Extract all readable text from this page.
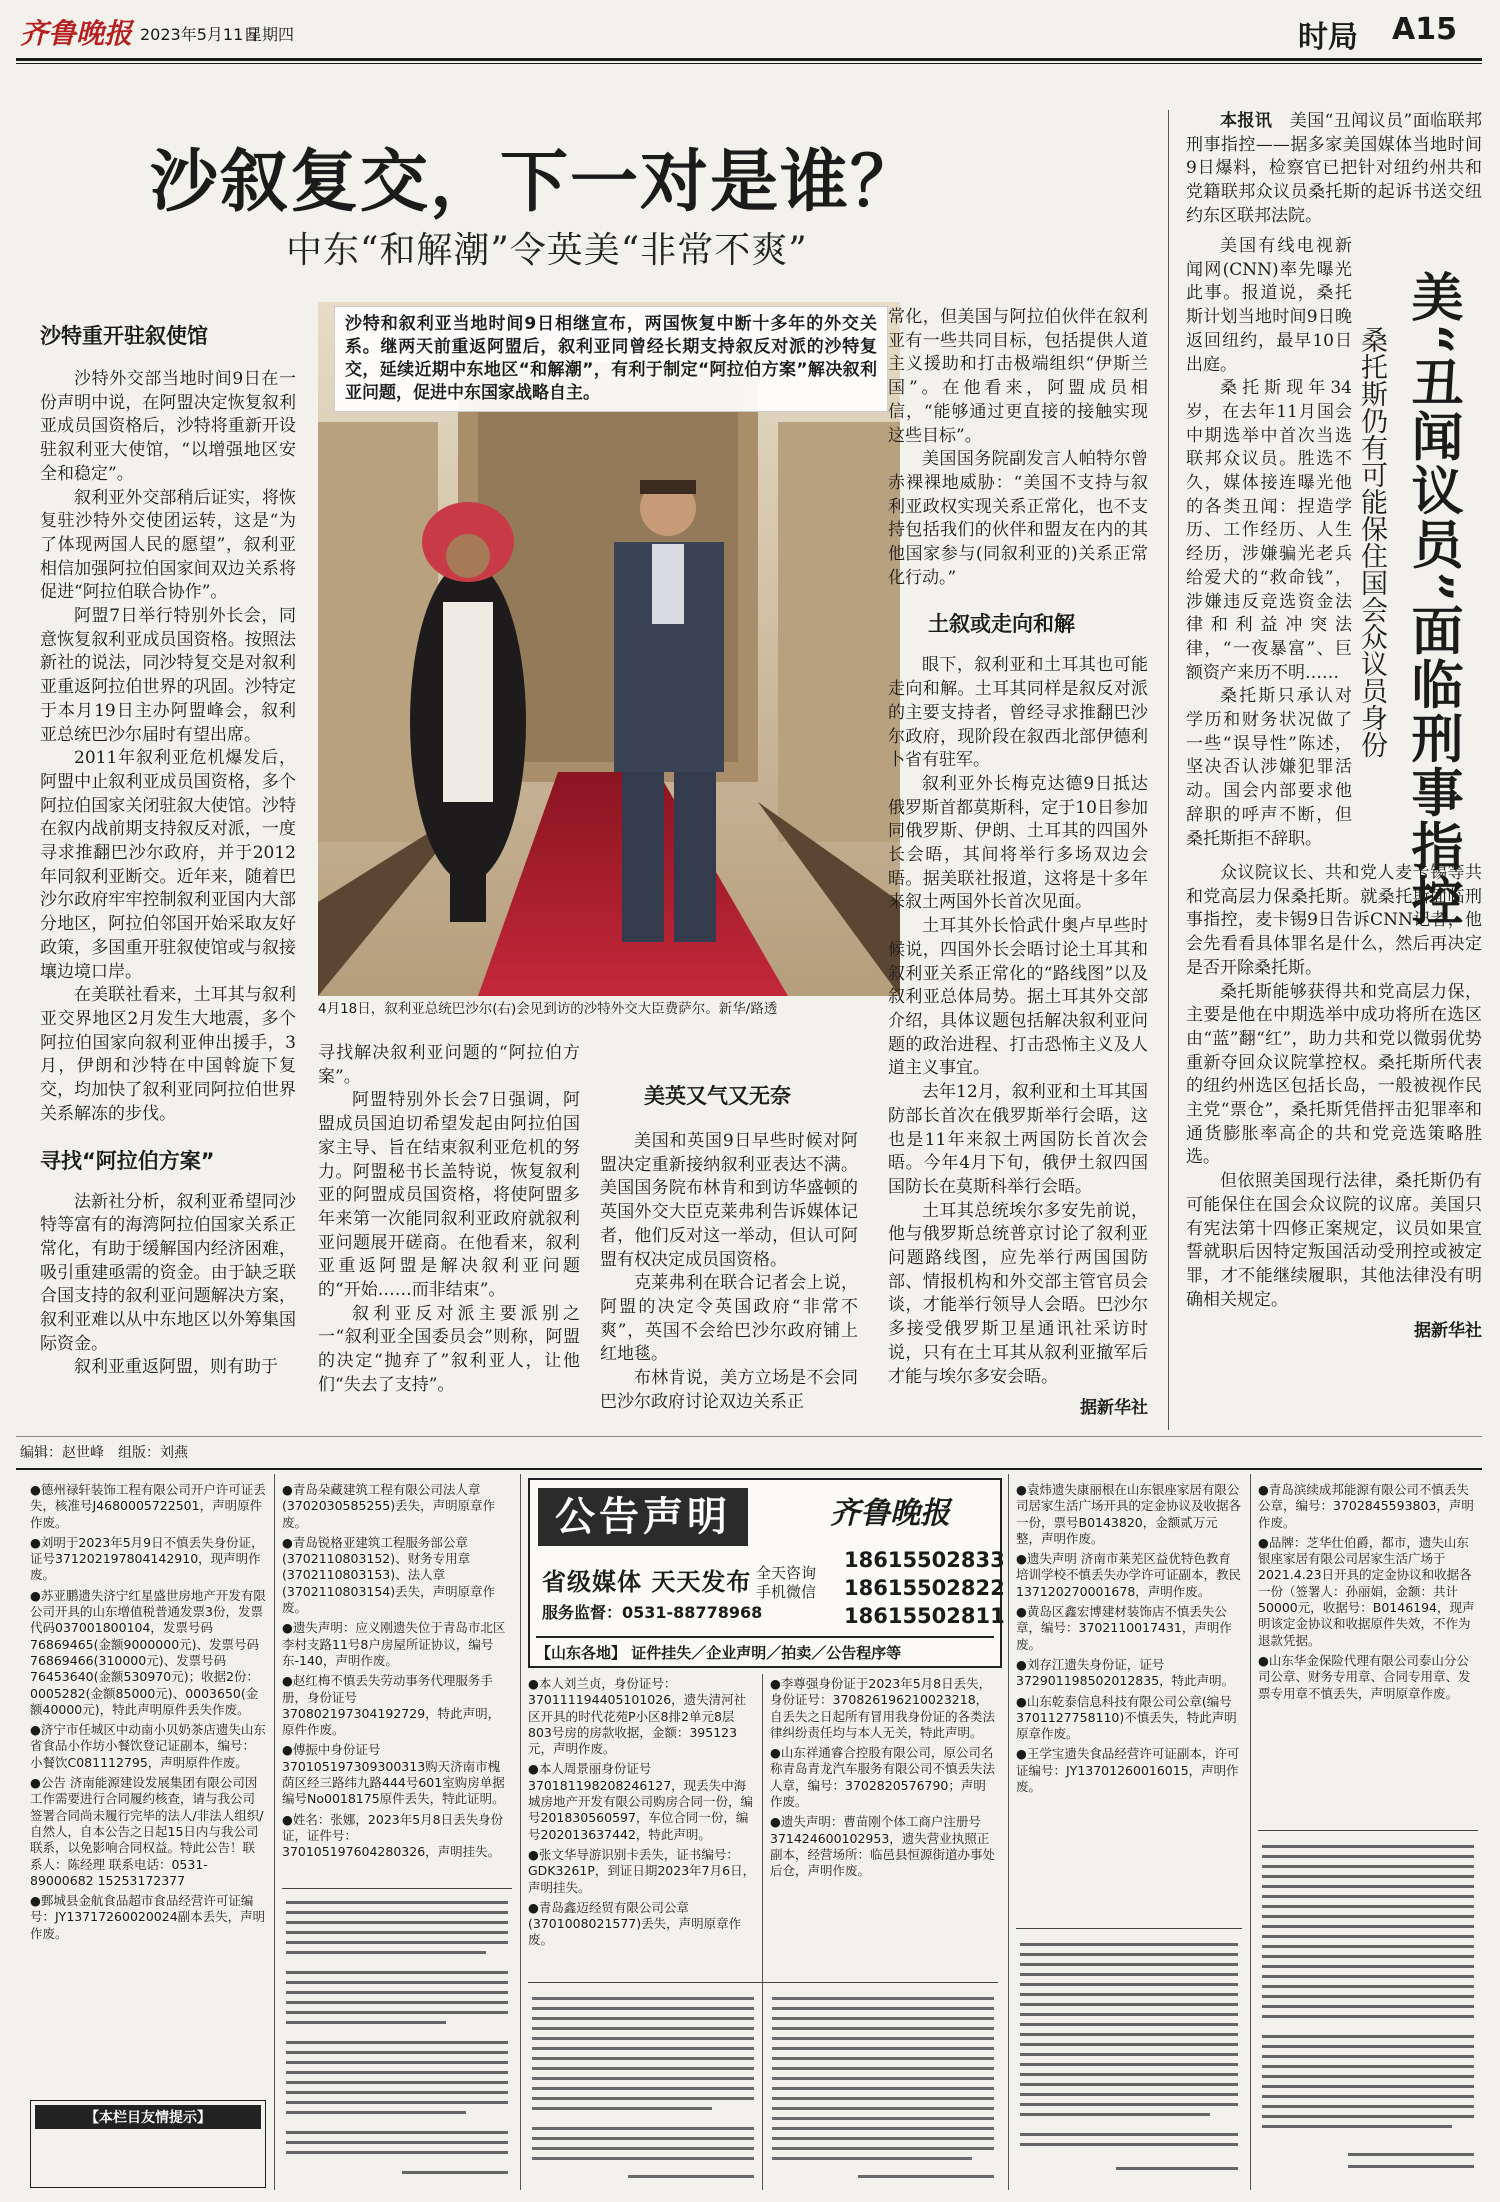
齐鲁晚报 2023年5月11日
星期四	时局 A15
沙叙复交，下一对是谁？
中东“和解潮”令英美“非常不爽”
沙特和叙利亚当地时间9日相继宣布，两国恢复中断十多年的外交关系。继两天前重返阿盟后，叙利亚同曾经长期支持叙反对派的沙特复交，延续近期中东地区“和解潮”，有利于制定“阿拉伯方案”解决叙利亚问题，促进中东国家战略自主。
4月18日，叙利亚总统巴沙尔(右)会见到访的沙特外交大臣费萨尔。新华/路透

沙特重开驻叙使馆

沙特外交部当地时间9日在一份声明中说，在阿盟决定恢复叙利亚成员国资格后，沙特将重新开设驻叙利亚大使馆，“以增强地区安全和稳定”。

叙利亚外交部稍后证实，将恢复驻沙特外交使团运转，这是“为了体现两国人民的愿望”，叙利亚相信加强阿拉伯国家间双边关系将促进“阿拉伯联合协作”。

阿盟7日举行特别外长会，同意恢复叙利亚成员国资格。按照法新社的说法，同沙特复交是对叙利亚重返阿拉伯世界的巩固。沙特定于本月19日主办阿盟峰会，叙利亚总统巴沙尔届时有望出席。

2011年叙利亚危机爆发后，阿盟中止叙利亚成员国资格，多个阿拉伯国家关闭驻叙大使馆。沙特在叙内战前期支持叙反对派，一度寻求推翻巴沙尔政府，并于2012年同叙利亚断交。近年来，随着巴沙尔政府牢牢控制叙利亚国内大部分地区，阿拉伯邻国开始采取友好政策，多国重开驻叙使馆或与叙接壤边境口岸。

在美联社看来，土耳其与叙利亚交界地区2月发生大地震，多个阿拉伯国家向叙利亚伸出援手，3月，伊朗和沙特在中国斡旋下复交，均加快了叙利亚同阿拉伯世界关系解冻的步伐。

寻找“阿拉伯方案”

法新社分析，叙利亚希望同沙特等富有的海湾阿拉伯国家关系正常化，有助于缓解国内经济困难，吸引重建亟需的资金。由于缺乏联合国支持的叙利亚问题解决方案，叙利亚难以从中东地区以外筹集国际资金。

叙利亚重返阿盟，则有助于

寻找解决叙利亚问题的“阿拉伯方案”。

阿盟特别外长会7日强调，阿盟成员国迫切希望发起由阿拉伯国家主导、旨在结束叙利亚危机的努力。阿盟秘书长盖特说，恢复叙利亚的阿盟成员国资格，将使阿盟多年来第一次能同叙利亚政府就叙利亚问题展开磋商。在他看来，叙利亚重返阿盟是解决叙利亚问题的“开始……而非结束”。

叙利亚反对派主要派别之一“叙利亚全国委员会”则称，阿盟的决定“抛弃了”叙利亚人，让他们“失去了支持”。

美英又气又无奈

美国和英国9日早些时候对阿盟决定重新接纳叙利亚表达不满。美国国务院布林肯和到访华盛顿的英国外交大臣克莱弗利告诉媒体记者，他们反对这一举动，但认可阿盟有权决定成员国资格。

克莱弗利在联合记者会上说，阿盟的决定令英国政府“非常不爽”，英国不会给巴沙尔政府铺上红地毯。

布林肯说，美方立场是不会同巴沙尔政府讨论双边关系正

常化，但美国与阿拉伯伙伴在叙利亚有一些共同目标，包括提供人道主义援助和打击极端组织“伊斯兰国”。在他看来，阿盟成员相信，“能够通过更直接的接触实现这些目标”。

美国国务院副发言人帕特尔曾赤裸裸地威胁：“美国不支持与叙利亚政权实现关系正常化，也不支持包括我们的伙伴和盟友在内的其他国家参与(同叙利亚的)关系正常化行动。”

土叙或走向和解

眼下，叙利亚和土耳其也可能走向和解。土耳其同样是叙反对派的主要支持者，曾经寻求推翻巴沙尔政府，现阶段在叙西北部伊德利卜省有驻军。

叙利亚外长梅克达德9日抵达俄罗斯首都莫斯科，定于10日参加同俄罗斯、伊朗、土耳其的四国外长会晤，其间将举行多场双边会晤。据美联社报道，这将是十多年来叙土两国外长首次见面。

土耳其外长恰武什奥卢早些时候说，四国外长会晤讨论土耳其和叙利亚关系正常化的“路线图”以及叙利亚总体局势。据土耳其外交部介绍，具体议题包括解决叙利亚问题的政治进程、打击恐怖主义及人道主义事宜。

去年12月，叙利亚和土耳其国防部长首次在俄罗斯举行会晤，这也是11年来叙土两国防长首次会晤。今年4月下旬，俄伊土叙四国国防长在莫斯科举行会晤。

土耳其总统埃尔多安先前说，他与俄罗斯总统普京讨论了叙利亚问题路线图，应先举行两国国防部、情报机构和外交部主管官员会谈，才能举行领导人会晤。巴沙尔多接受俄罗斯卫星通讯社采访时说，只有在土耳其从叙利亚撤军后才能与埃尔多安会晤。

据新华社

本报讯　 美国“丑闻议员”面临联邦刑事指控——据多家美国媒体当地时间9日爆料，检察官已把针对纽约州共和党籍联邦众议员桑托斯的起诉书送交纽约东区联邦法院。

美国有线电视新闻网(CNN)率先曝光此事。报道说，桑托斯计划当地时间9日晚返回纽约，最早10日出庭。

桑托斯现年34岁，在去年11月国会中期选举中首次当选联邦众议员。胜选不久，媒体接连曝光他的各类丑闻：捏造学历、工作经历、人生经历，涉嫌骗光老兵给爱犬的“救命钱”，涉嫌违反竞选资金法律和利益冲突法律，“一夜暴富”、巨额资产来历不明……

桑托斯只承认对学历和财务状况做了一些“误导性”陈述，坚决否认涉嫌犯罪活动。国会内部要求他辞职的呼声不断，但桑托斯拒不辞职。	美“丑闻议员”面临刑事指控
桑托斯仍有可能保住国会众议员身份

众议院议长、共和党人麦卡锡等共和党高层力保桑托斯。就桑托斯面临刑事指控，麦卡锡9日告诉CNN记者，他会先看看具体罪名是什么，然后再决定是否开除桑托斯。

桑托斯能够获得共和党高层力保，主要是他在中期选举中成功将所在选区由“蓝”翻“红”，助力共和党以微弱优势重新夺回众议院掌控权。桑托斯所代表的纽约州选区包括长岛，一般被视作民主党“票仓”，桑托斯凭借抨击犯罪率和通货膨胀率高企的共和党竞选策略胜选。

但依照美国现行法律，桑托斯仍有可能保住在国会众议院的议席。美国只有宪法第十四修正案规定，议员如果宣誓就职后因特定叛国活动受刑控或被定罪，才不能继续履职，其他法律没有明确相关规定。

据新华社
编辑：赵世峰　组版：刘燕

●德州禄轩装饰工程有限公司开户许可证丢失，核准号J4680005722501，声明原件作废。

●刘明于2023年5月9日不慎丢失身份证，证号3712021978041429​10，现声明作废。

●苏亚鹏遗失济宁红星盛世房地产开发有限公司开具的山东增值税普通发票3份，发票代码037001800104，发票号码76869465(金额9000000元)、发票号码76869466(310000元)、发票号码76453640(金额530970元)；收据2份：0005282(金额85000元)、0003650(金额40000元)，特此声明原件丢失作废。

●济宁市任城区中动南小贝奶茶店遗失山东省食品小作坊小餐饮登记证副本，编号：小餐饮C081112795，声明原件作废。

●公告 济南能源建设发展集团有限公司因工作需要进行合同履约核查，请与我公司签署合同尚未履行完毕的法人/非法人组织/自然人，自本公告之日起15日内与我公司联系，以免影响合同权益。特此公告！联系人：陈经理 联系电话：0531-89000682 15253172377

●鄄城县金航食品超市食品经营许可证编号：JY13717260020024副本丢失，声明作废。

【本栏目友情提示】

●青岛朵藏建筑工程有限公司法人章(3702030585255)丢失，声明原章作废。

●青岛锐格亚建筑工程服务部公章(3702110803152)、财务专用章(3702110803153)、法人章(3702110803154)丢失，声明原章作废。

●遗失声明：应义刚遗失位于青岛市北区李村支路11号8户房屋所证协议，编号东-140，声明作废。

●赵红梅不慎丢失劳动事务代理服务手册，身份证号370802197304192729，特此声明，原件作废。

●傅振中身份证号370105197309300313购天济南市槐荫区经三路纬九路444号601室购房单据编号No0018175原件丢失，特此证明。

●姓名：张娜，2023年5月8日丢失身份证，证件号：370105197604280326，声明挂失。

公告声明	齐鲁晚报
省级媒体 天天发布
服务监督：0531-88778968
全天咨询
手机微信
18615502833
18615502822
18615502811
【山东各地】 证件挂失／企业声明／拍卖／公告程序等

●本人刘兰贞，身份证号：37011119440510​1026，遗失清河社区开具的时代花苑P小区8排2单元8层803号房的房款收据，金额：395123元，声明作废。

●本人周景丽身份证号370181198208246127，现丢失中海城房地产开发有限公司购房合同一份，编号201830560597，车位合同一份，编号20201363744​2，特此声明。

●张文华导游识别卡丢失，证书编号：GDK3261P，到证日期2023年7月6日，声明挂失。

●青岛鑫迈经贸有限公司公章(3701008021577)丢失，声明原章作废。

●李尊强身份证于2023年5月8日丢失，身份证号：370826196210023218，自丢失之日起所有冒用我身份证的各类法律纠纷责任均与本人无关，特此声明。

●山东祥通睿合控股有限公司，原公司名称青岛青龙汽车服务有限公司不慎丢失法人章，编号：37028205​76790；声明作废。

●遗失声明：曹苗刚个体工商户注册号371424600102953，遗失营业执照正副本，经营场所：临邑县恒源街道办事处后仓，声明作废。

●袁炜遗失康丽根在山东银座家居有限公司居家生活广场开具的定金协议及收据各一份，票号B0143820，金额贰万元整，声明作废。

●遗失声明 济南市莱芜区益优特色教育培训学校不慎丢失办学许可证副本，教民137120270001678，声明作废。

●黄岛区鑫宏博建材装饰店不慎丢失公章，编号：3702110017431，声明作废。

●刘存江遗失身份证，证号372901198502012835，特此声明。

●山东乾泰信息科技有限公司公章(编号3701127758110)不慎丢失，特此声明原章作废。

●王学宝遗失食品经营许可证副本，许可证编号：JY13701260016015，声明作废。

●青岛滨续成邦能源有限公司不慎丢失公章，编号：3702845593803，声明作废。

●品牌：芝华仕伯爵，都市，遗失山东银座家居有限公司居家生活广场于2021.4.23日开具的定金协议和收据各一份（签署人：孙丽娟，金额：共计50000元，收据号：B0146194，现声明该定金协议和收据原件失效，不作为退款凭据。

●山东华金保险代理有限公司泰山分公司公章、财务专用章、合同专用章、发票专用章不慎丢失，声明原章作废。
